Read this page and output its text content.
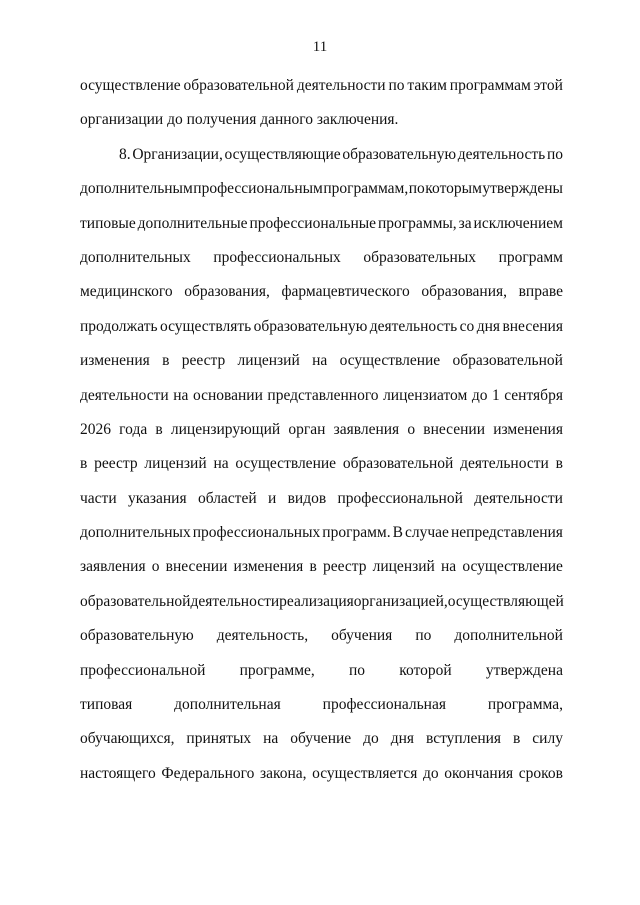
11
осуществление образовательной деятельности по таким программам этой
организации до получения данного заключения.
8. Организации, осуществляющие образовательную деятельность по
дополнительным профессиональным программам, по которым утверждены
типовые дополнительные профессиональные программы, за исключением
дополнительных профессиональных образовательных программ
медицинского образования, фармацевтического образования, вправе
продолжать осуществлять образовательную деятельность со дня внесения
изменения в реестр лицензий на осуществление образовательной
деятельности на основании представленного лицензиатом до 1 сентября
2026 года в лицензирующий орган заявления о внесении изменения
в реестр лицензий на осуществление образовательной деятельности в
части указания областей и видов профессиональной деятельности
дополнительных профессиональных программ. В случае непредставления
заявления о внесении изменения в реестр лицензий на осуществление
образовательной деятельности реализация организацией, осуществляющей
образовательную деятельность, обучения по дополнительной
профессиональной программе, по которой утверждена
типовая	дополнительная	профессиональная	программа,
обучающихся, принятых на обучение до дня вступления в силу
настоящего Федерального закона, осуществляется до окончания сроков
